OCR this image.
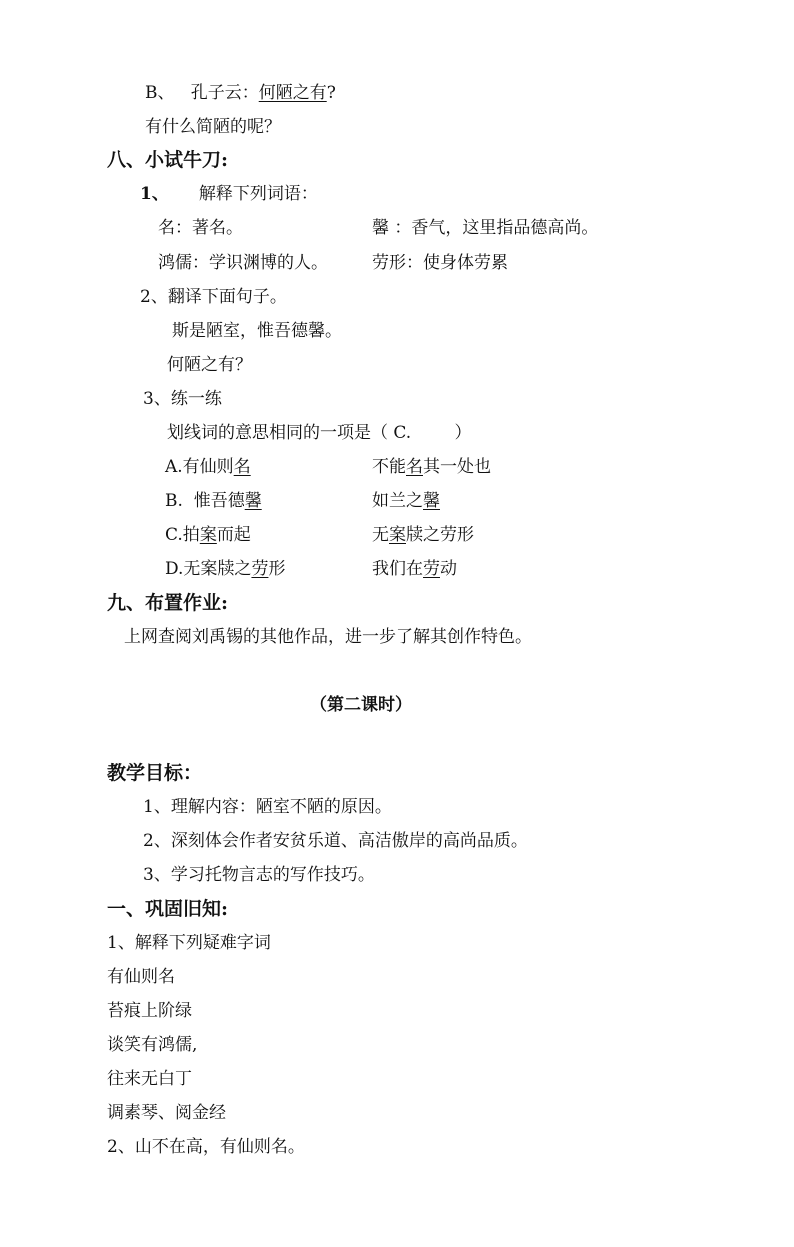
B、 孔子云：何陋之有?
有什么简陋的呢？
八、小试牛刀:
1、 解释下列词语：
名：著名。	馨 ：香气，这里指品德高尚。
鸿儒：学识渊博的人。	劳形：使身体劳累
2、翻译下面句子。
斯是陋室，惟吾德馨。
何陋之有？
3、练一练
划线词的意思相同的一项是（ C.        ）
A.有仙则名	不能名其一处也
B.  惟吾德馨	如兰之馨
C.拍案而起	无案牍之劳形
D.无案牍之劳形	我们在劳动
九、布置作业:
上网查阅刘禹锡的其他作品，进一步了解其创作特色。
（第二课时）
教学目标：
1、理解内容：陋室不陋的原因。
2、深刻体会作者安贫乐道、高洁傲岸的高尚品质。
3、学习托物言志的写作技巧。
一、巩固旧知:
1、解释下列疑难字词
有仙则名
苔痕上阶绿
谈笑有鸿儒,
往来无白丁
调素琴、阅金经
2、山不在高，有仙则名。
